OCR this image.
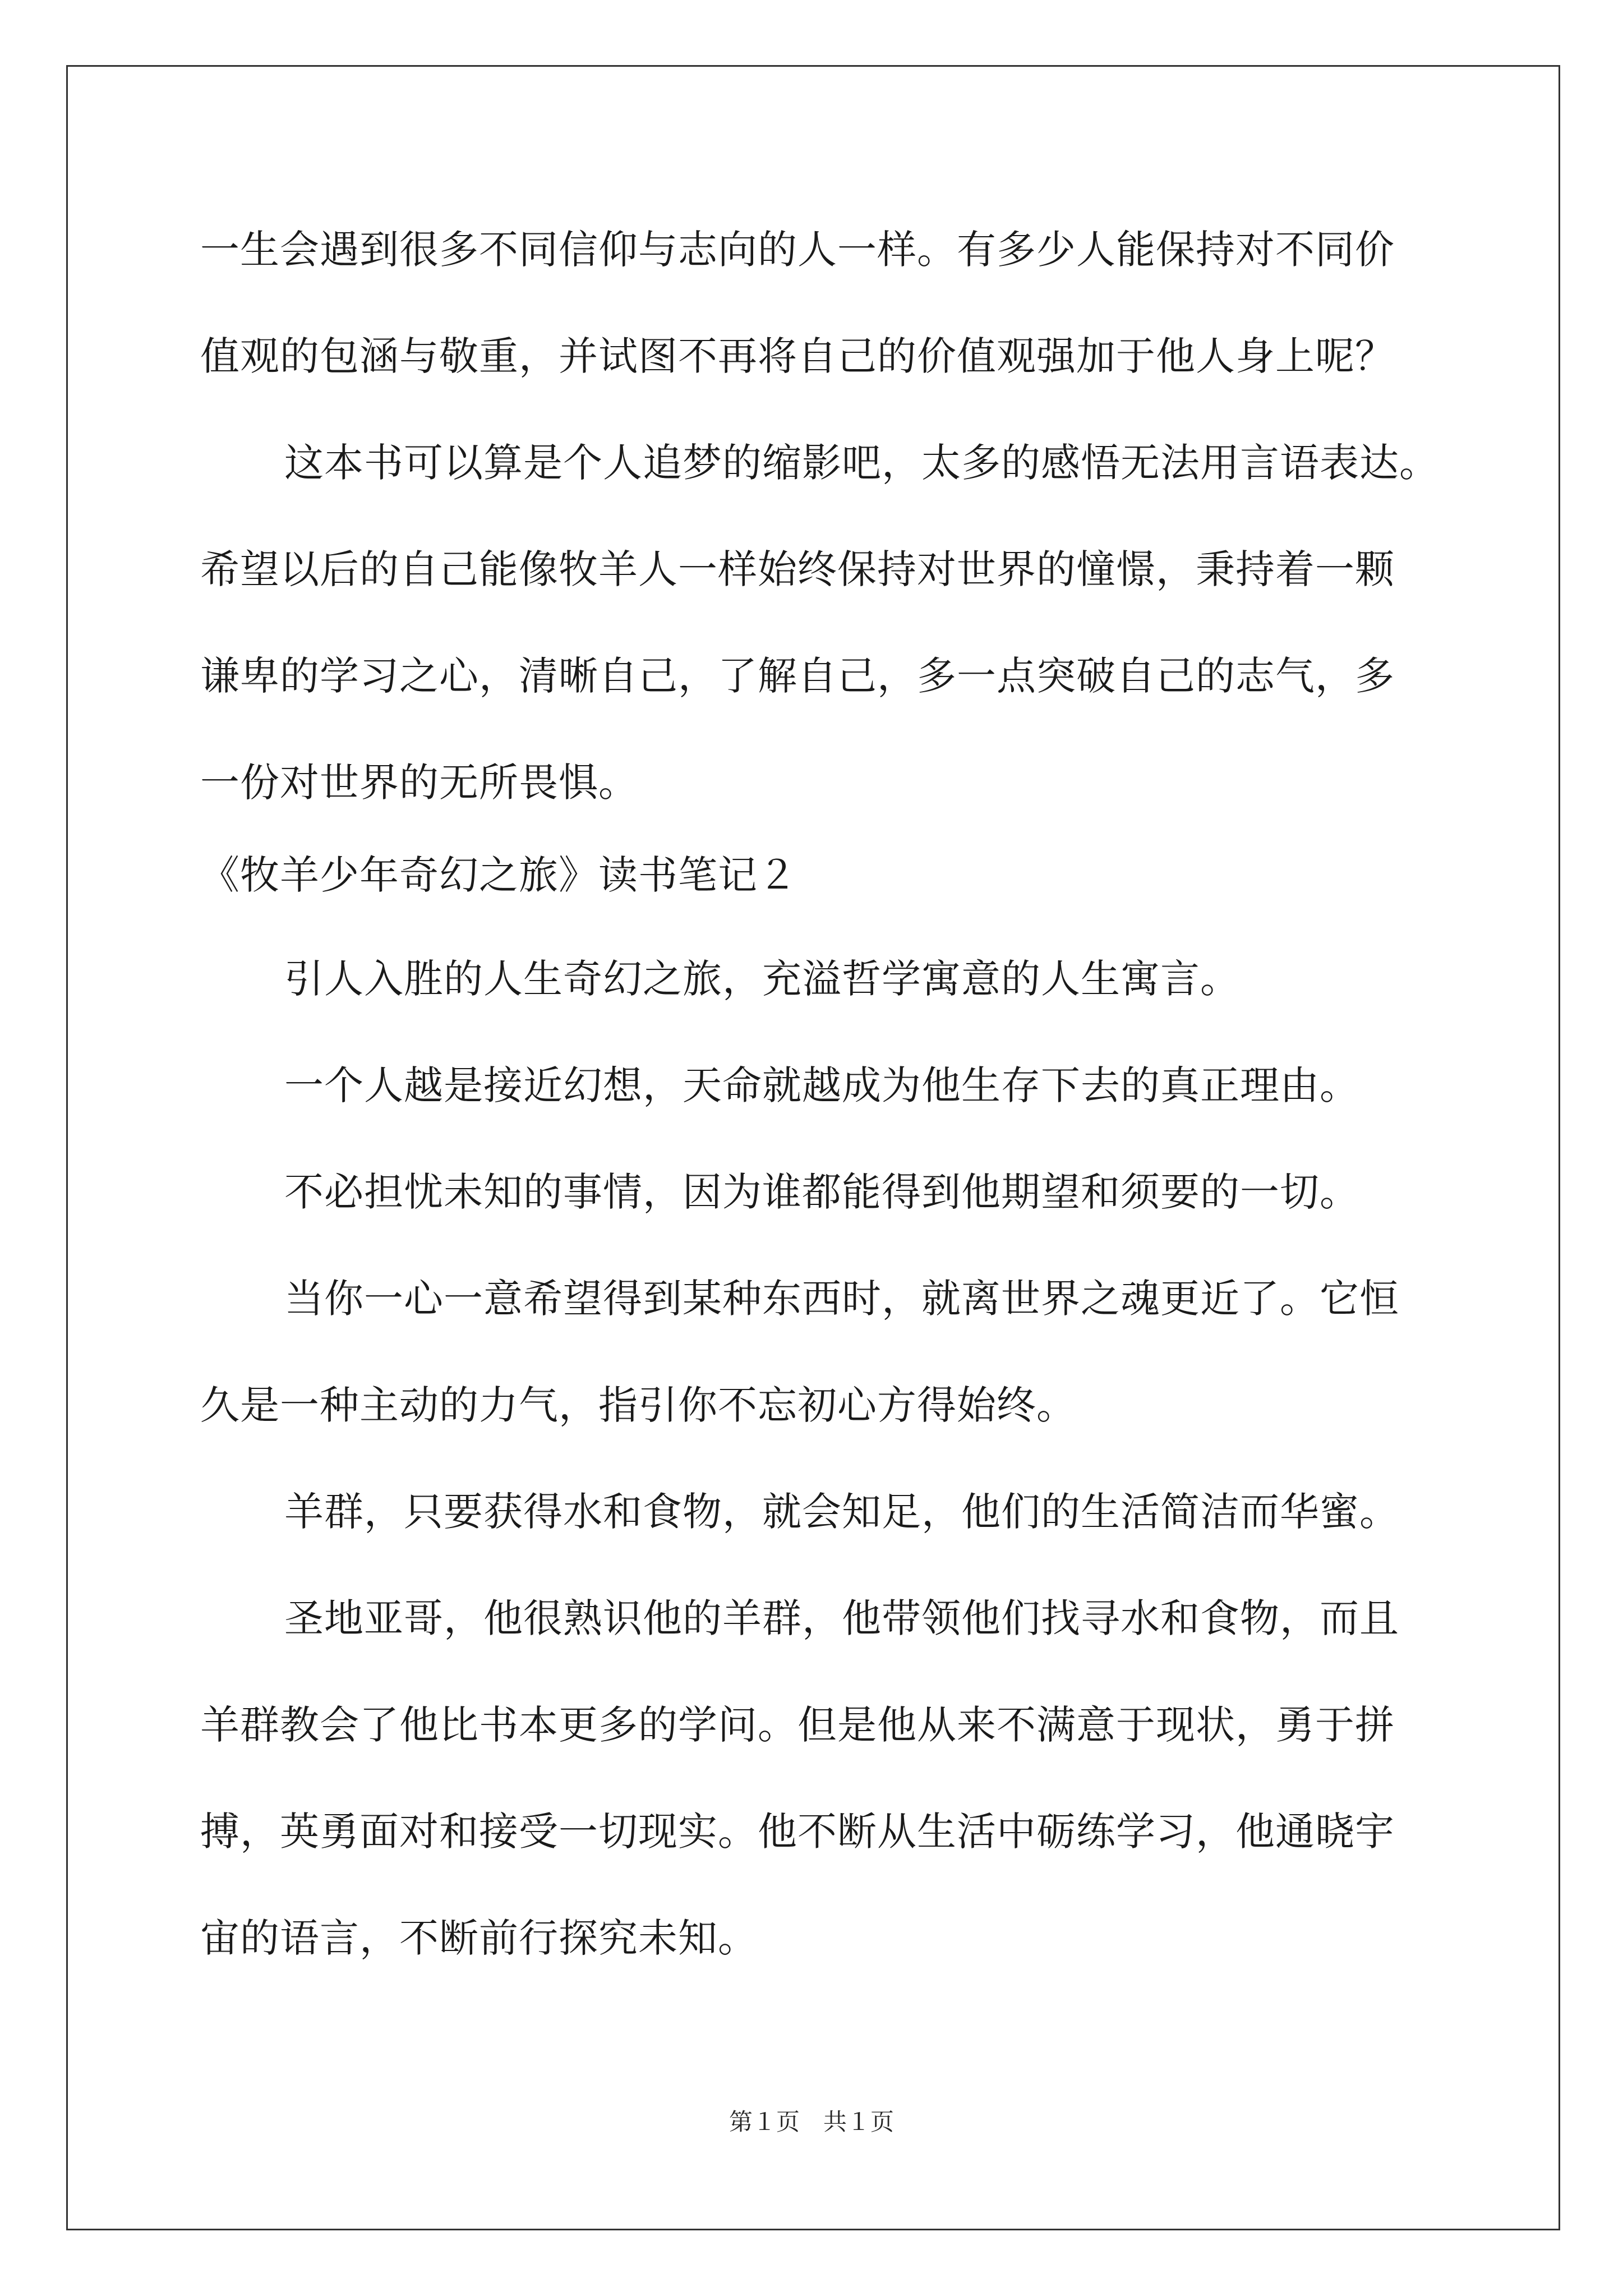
一生会遇到很多不同信仰与志向的人一样。有多少人能保持对不同价
值观的包涵与敬重，并试图不再将自己的价值观强加于他人身上呢？
这本书可以算是个人追梦的缩影吧，太多的感悟无法用言语表达。
希望以后的自己能像牧羊人一样始终保持对世界的憧憬，秉持着一颗
谦卑的学习之心，清晰自己，了解自己，多一点突破自己的志气，多
一份对世界的无所畏惧。
《牧羊少年奇幻之旅》读书笔记２
引人入胜的人生奇幻之旅，充溢哲学寓意的人生寓言。
一个人越是接近幻想，天命就越成为他生存下去的真正理由。
不必担忧未知的事情，因为谁都能得到他期望和须要的一切。
当你一心一意希望得到某种东西时，就离世界之魂更近了。它恒
久是一种主动的力气，指引你不忘初心方得始终。
羊群，只要获得水和食物，就会知足，他们的生活简洁而华蜜。
圣地亚哥，他很熟识他的羊群，他带领他们找寻水和食物，而且
羊群教会了他比书本更多的学问。但是他从来不满意于现状，勇于拼
搏，英勇面对和接受一切现实。他不断从生活中砺练学习，他通晓宇
宙的语言，不断前行探究未知。
第１页　共１页
